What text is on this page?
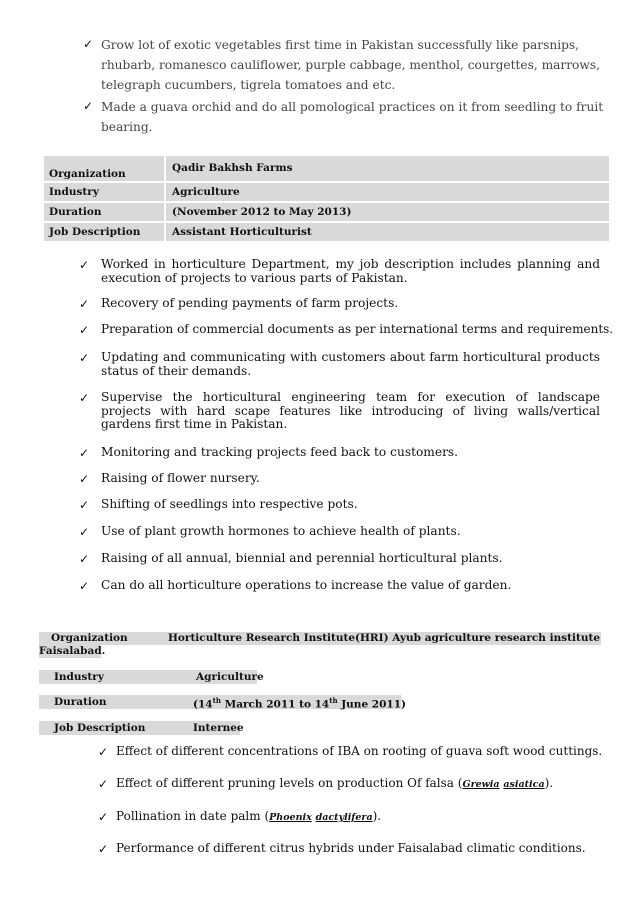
✓ Grow lot of exotic vegetables first time in Pakistan successfully like parsnips,
rhubarb, romanesco cauliflower, purple cabbage, menthol, courgettes, marrows,
telegraph cucumbers, tigrela tomatoes and etc.
✓ Made a guava orchid and do all pomological practices on it from seedling to fruit
bearing.
Organization	Qadir Bakhsh Farms
Industry	Agriculture
Duration	(November 2012 to May 2013)
Job Description	Assistant Horticulturist
✓ Worked in horticulture Department, my job description includes planning and execution of projects to various parts of Pakistan.
✓ Recovery of pending payments of farm projects.
✓ Preparation of commercial documents as per international terms and requirements.
✓ Updating and communicating with customers about farm horticultural products status of their demands.
✓ Supervise the horticultural engineering team for execution of landscape projects with hard scape features like introducing of living walls/vertical gardens first time in Pakistan.
✓ Monitoring and tracking projects feed back to customers.
✓ Raising of flower nursery.
✓ Shifting of seedlings into respective pots.
✓ Use of plant growth hormones to achieve health of plants.
✓ Raising of all annual, biennial and perennial horticultural plants.
✓ Can do all horticulture operations to increase the value of garden.
Organization	Horticulture Research Institute(HRI) Ayub agriculture research institute
Faisalabad.
Industry	Agriculture
Duration	(14th March 2011 to 14th June 2011)
Job Description	Internee
✓ Effect of different concentrations of IBA on rooting of guava soft wood cuttings.
✓ Effect of different pruning levels on production Of falsa (Grewia asiatica).
✓ Pollination in date palm (Phoenix dactylifera).
✓ Performance of different citrus hybrids under Faisalabad climatic conditions.
